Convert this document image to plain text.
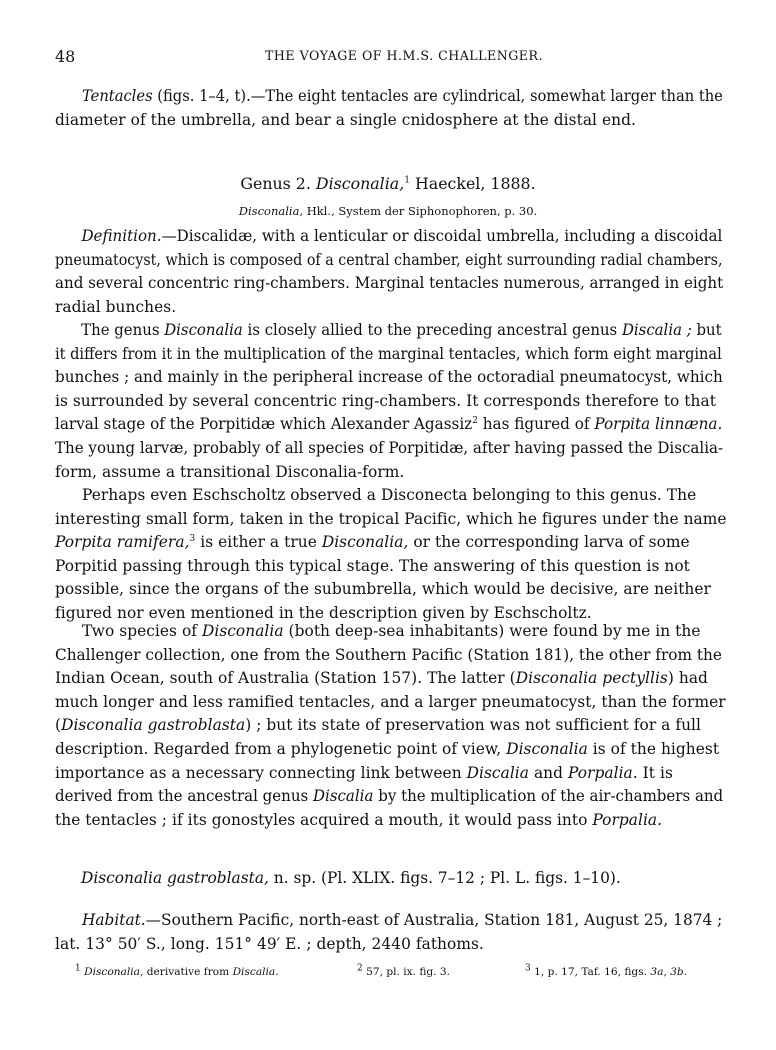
48	THE VOYAGE OF H.M.S. CHALLENGER.

Tentacles (figs. 1–4, t).—The eight tentacles are cylindrical, somewhat larger than the
diameter of the umbrella, and bear a single cnidosphere at the distal end.

Genus 2. Disconalia,$^1$ Haeckel, 1888.
Disconalia, Hkl., System der Siphonophoren, p. 30.

Definition.—Discalidæ, with a lenticular or discoidal umbrella, including a discoidal
pneumatocyst, which is composed of a central chamber, eight surrounding radial chambers,
and several concentric ring-chambers. Marginal tentacles numerous, arranged in eight
radial bunches.

The genus Disconalia is closely allied to the preceding ancestral genus Discalia ; but
it differs from it in the multiplication of the marginal tentacles, which form eight marginal
bunches ; and mainly in the peripheral increase of the octoradial pneumatocyst, which
is surrounded by several concentric ring-chambers. It corresponds therefore to that
larval stage of the Porpitidæ which Alexander Agassiz$^2$ has figured of Porpita linnæna.
The young larvæ, probably of all species of Porpitidæ, after having passed the Discalia-
form, assume a transitional Disconalia-form.

Perhaps even Eschscholtz observed a Disconecta belonging to this genus. The
interesting small form, taken in the tropical Pacific, which he figures under the name
Porpita ramifera,$^3$ is either a true Disconalia, or the corresponding larva of some
Porpitid passing through this typical stage. The answering of this question is not
possible, since the organs of the subumbrella, which would be decisive, are neither
figured nor even mentioned in the description given by Eschscholtz.

Two species of Disconalia (both deep-sea inhabitants) were found by me in the
Challenger collection, one from the Southern Pacific (Station 181), the other from the
Indian Ocean, south of Australia (Station 157). The latter (Disconalia pectyllis) had
much longer and less ramified tentacles, and a larger pneumatocyst, than the former
(Disconalia gastroblasta) ; but its state of preservation was not sufficient for a full
description. Regarded from a phylogenetic point of view, Disconalia is of the highest
importance as a necessary connecting link between Discalia and Porpalia. It is
derived from the ancestral genus Discalia by the multiplication of the air-chambers and
the tentacles ; if its gonostyles acquired a mouth, it would pass into Porpalia.

Disconalia gastroblasta, n. sp. (Pl. XLIX. figs. 7–12 ; Pl. L. figs. 1–10).

Habitat.—Southern Pacific, north-east of Australia, Station 181, August 25, 1874 ;
lat. 13° 50′ S., long. 151° 49′ E. ; depth, 2440 fathoms.

$^1$ Disconalia, derivative from Discalia.	$^2$ 57, pl. ix. fig. 3.	$^3$ 1, p. 17, Taf. 16, figs. 3a, 3b.
